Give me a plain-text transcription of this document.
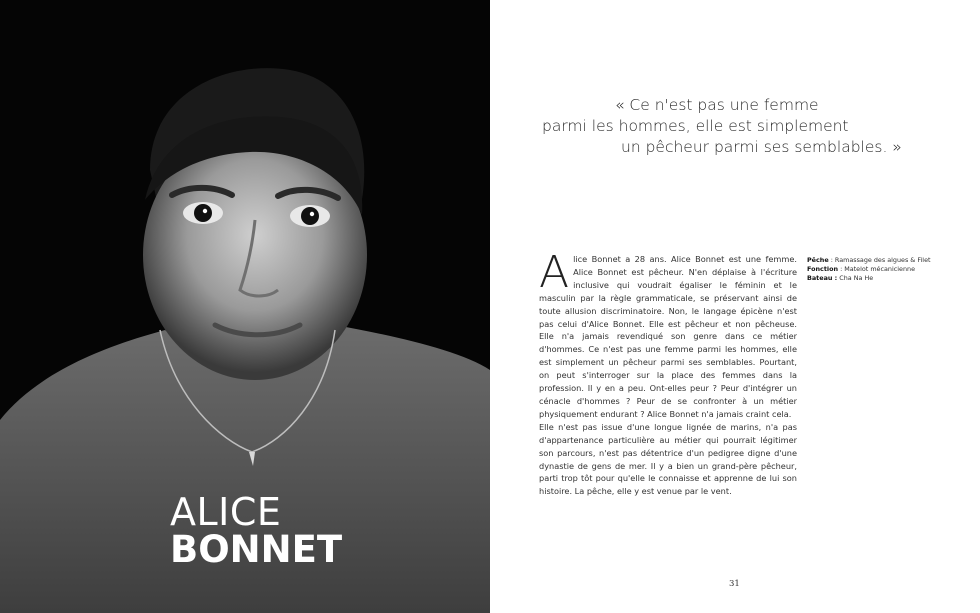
ALICE
BONNET
« Ce n'est pas une femme
parmi les hommes, elle est simplement
un pêcheur parmi ses semblables. »
A lice Bonnet a 28 ans. Alice Bonnet est une femme. Alice Bonnet est pêcheur. N'en déplaise à l'écriture inclusive qui voudrait égaliser le féminin et le masculin par la règle grammaticale, se préservant ainsi de toute allusion discriminatoire. Non, le langage épicène n'est pas celui d'Alice Bonnet. Elle est pêcheur et non pêcheuse. Elle n'a jamais revendiqué son genre dans ce métier d'hommes. Ce n'est pas une femme parmi les hommes, elle est simplement un pêcheur parmi ses semblables. Pourtant, on peut s'interroger sur la place des femmes dans la profession. Il y en a peu. Ont-elles peur ? Peur d'intégrer un cénacle d'hommes ? Peur de se confronter à un métier physiquement endurant ? Alice Bonnet n'a jamais craint cela.

Elle n'est pas issue d'une longue lignée de marins, n'a pas d'appartenance particulière au métier qui pourrait légitimer son parcours, n'est pas détentrice d'un pedigree digne d'une dynastie de gens de mer. Il y a bien un grand-père pêcheur, parti trop tôt pour qu'elle le connaisse et apprenne de lui son histoire. La pêche, elle y est venue par le vent.

Pêche : Ramassage des algues & Filet
Fonction : Matelot mécanicienne
Bateau : Cha Na He
31
